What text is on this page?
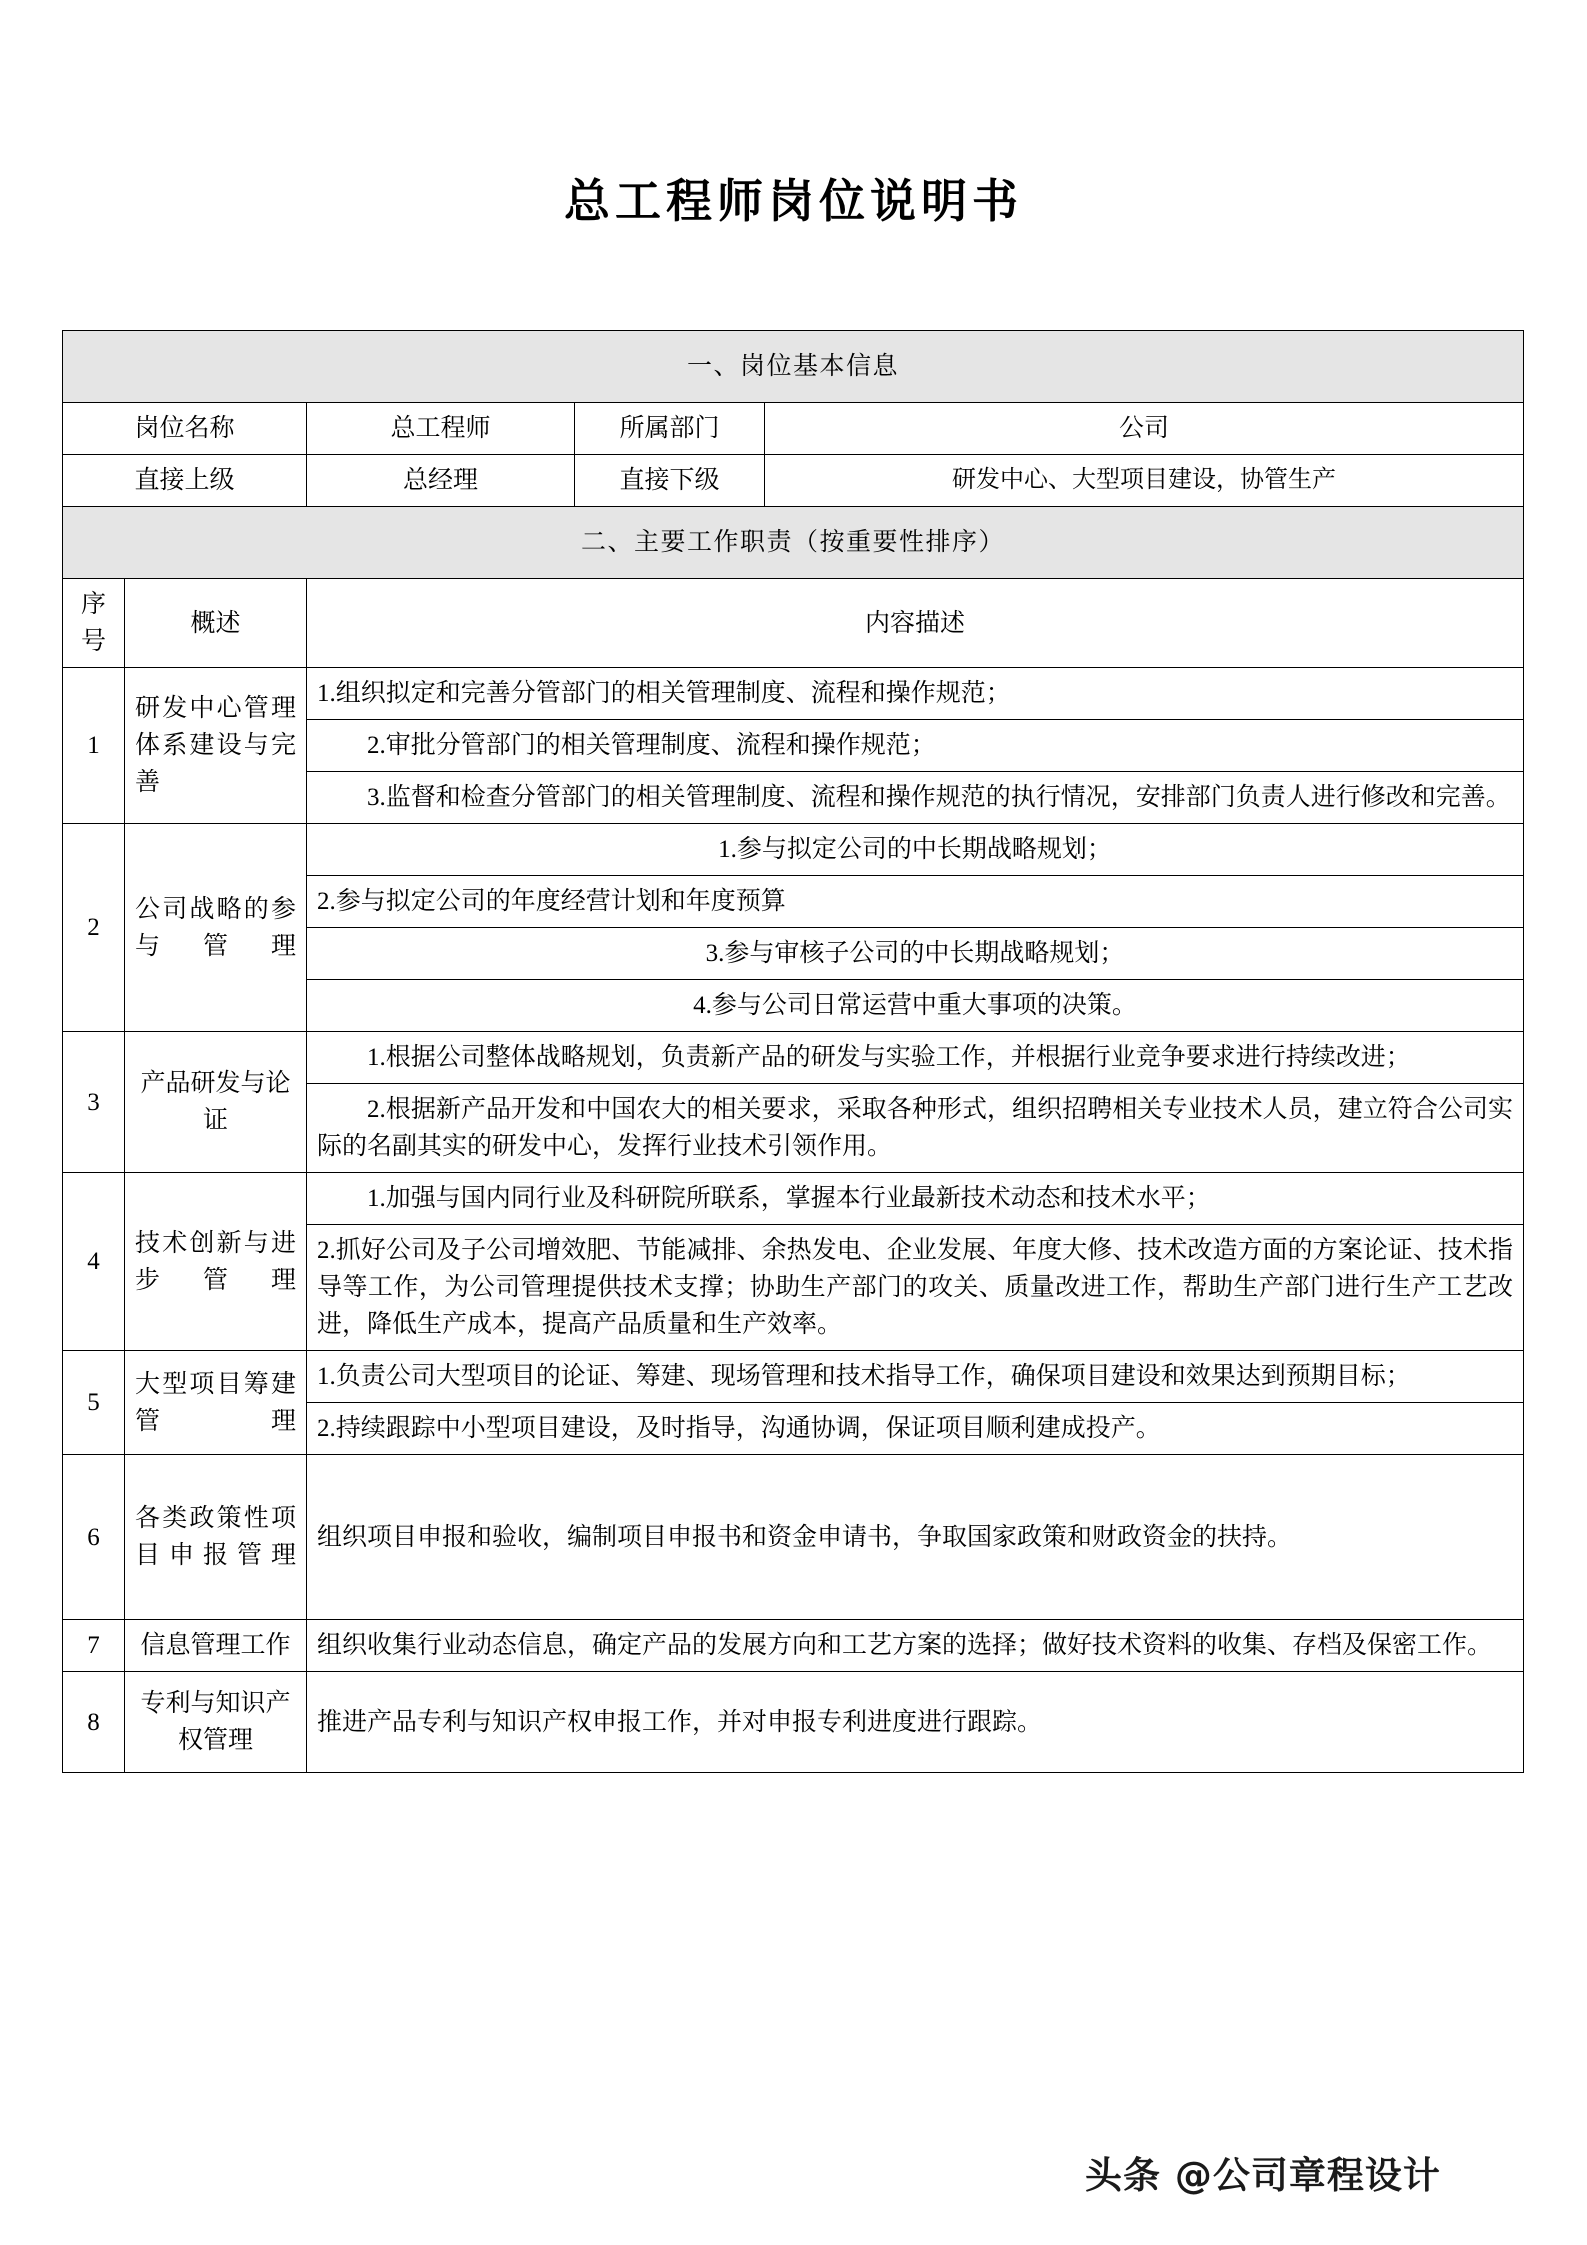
总工程师岗位说明书
一、岗位基本信息				
岗位名称		总工程师	所属部门	公司
直接上级		总经理	直接下级	研发中心、大型项目建设，协管生产
二、主要工作职责（按重要性排序）				
序号	概述	内容描述		
1	研发中心管理体系建设与完善	1.组织拟定和完善分管部门的相关管理制度、流程和操作规范；		
		2.审批分管部门的相关管理制度、流程和操作规范；		
		3.监督和检查分管部门的相关管理制度、流程和操作规范的执行情况，安排部门负责人进行修改和完善。		
2	公司战略的参与管理	1.参与拟定公司的中长期战略规划；		
		2.参与拟定公司的年度经营计划和年度预算		
		3.参与审核子公司的中长期战略规划；		
		4.参与公司日常运营中重大事项的决策。		
3	产品研发与论证	1.根据公司整体战略规划，负责新产品的研发与实验工作，并根据行业竞争要求进行持续改进；		
		2.根据新产品开发和中国农大的相关要求，采取各种形式，组织招聘相关专业技术人员，建立符合公司实际的名副其实的研发中心，发挥行业技术引领作用。		
4	技术创新与进步管理	1.加强与国内同行业及科研院所联系，掌握本行业最新技术动态和技术水平；		
		2.抓好公司及子公司增效肥、节能减排、余热发电、企业发展、年度大修、技术改造方面的方案论证、技术指导等工作，为公司管理提供技术支撑；协助生产部门的攻关、质量改进工作，帮助生产部门进行生产工艺改进，降低生产成本，提高产品质量和生产效率。		
5	大型项目筹建管理	1.负责公司大型项目的论证、筹建、现场管理和技术指导工作，确保项目建设和效果达到预期目标；		
		2.持续跟踪中小型项目建设，及时指导，沟通协调，保证项目顺利建成投产。		
6	各类政策性项目申报管理	组织项目申报和验收，编制项目申报书和资金申请书，争取国家政策和财政资金的扶持。		
7	信息管理工作	组织收集行业动态信息，确定产品的发展方向和工艺方案的选择；做好技术资料的收集、存档及保密工作。		
8	专利与知识产权管理	推进产品专利与知识产权申报工作，并对申报专利进度进行跟踪。		
头条 @公司章程设计
